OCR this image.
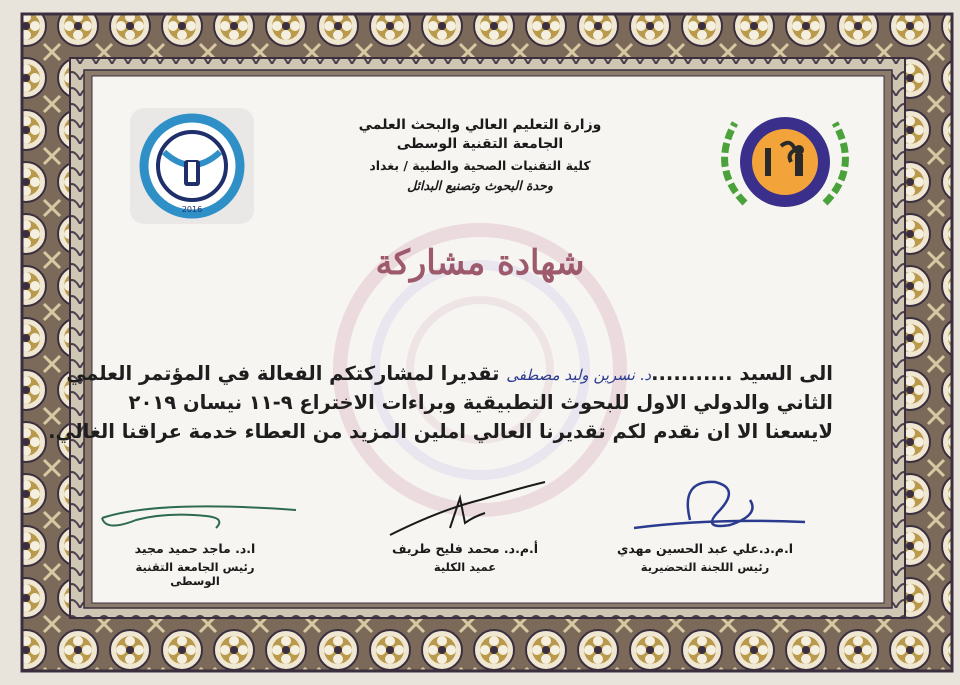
2016
وزارة التعليم العالي والبحث العلمي
الجامعة التقنية الوسطى
كلية التقنيات الصحية والطبية / بغداد
وحدة البحوث وتصنيع البدائل
شهادة مشاركة
الى السيد ...........د. نسرين وليد مصطفى تقديرا لمشاركتكم الفعالة في المؤتمر العلمي
الثاني والدولي الاول للبحوث التطبيقية وبراءات الاختراع ٩-١١ نيسان ٢٠١٩
لايسعنا الا ان نقدم لكم تقديرنا العالي املين المزيد من العطاء خدمة عراقنا الغالي.
ا.د. ماجد حميد مجيد
رئيس الجامعة التقنية الوسطى
أ.م.د. محمد فليح طريف
عميد الكلية
ا.م.د.علي عبد الحسين مهدي
رئيس اللجنة التحضيرية
